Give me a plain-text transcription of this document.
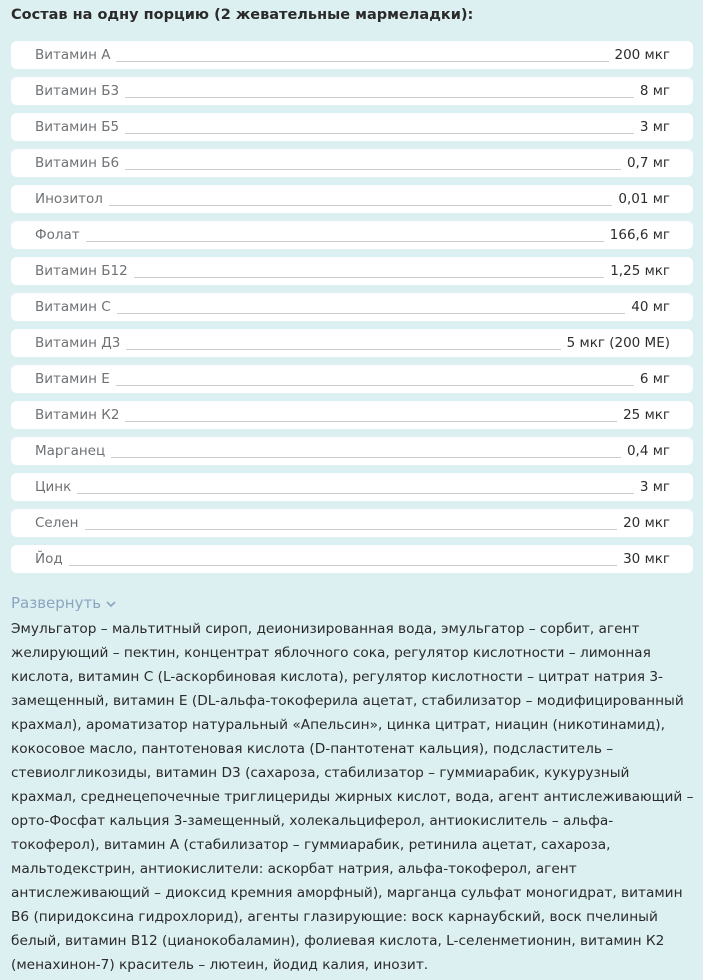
Состав на одну порцию (2 жевательные мармеладки):
Витамин А	200 мкг
Витамин Б3	8 мг
Витамин Б5	3 мг
Витамин Б6	0,7 мг
Инозитол	0,01 мг
Фолат	166,6 мг
Витамин Б12	1,25 мкг
Витамин С	40 мг
Витамин Д3	5 мкг (200 МЕ)
Витамин Е	6 мг
Витамин К2	25 мкг
Марганец	0,4 мг
Цинк	3 мг
Селен	20 мкг
Йод	30 мкг
Развернуть
Эмульгатор – мальтитный сироп, деионизированная вода, эмульгатор – сорбит, агент желирующий – пектин, концентрат яблочного сока, регулятор кислотности – лимонная кислота, витамин С (L-аскорбиновая кислота), регулятор кислотности – цитрат натрия 3-замещенный, витамин Е (DL-альфа-токоферила ацетат, стабилизатор – модифицированный крахмал), ароматизатор натуральный «Апельсин», цинка цитрат, ниацин (никотинамид), кокосовое масло, пантотеновая кислота (D-пантотенат кальция), подсластитель – стевиолгликозиды, витамин D3 (сахароза, стабилизатор – гуммиарабик, кукурузный крахмал, среднецепочечные триглицериды жирных кислот, вода, агент антислеживающий – орто-Фосфат кальция 3-замещенный, холекальциферол, антиокислитель – альфа-токоферол), витамин А (стабилизатор – гуммиарабик, ретинила ацетат, сахароза, мальтодекстрин, антиокислители: аскорбат натрия, альфа-токоферол, агент антислеживающий – диоксид кремния аморфный), марганца сульфат моногидрат, витамин В6 (пиридоксина гидрохлорид), агенты глазирующие: воск карнаубский, воск пчелиный белый, витамин В12 (цианокобаламин), фолиевая кислота, L-селенметионин, витамин К2 (менахинон-7) краситель – лютеин, йодид калия, инозит.
